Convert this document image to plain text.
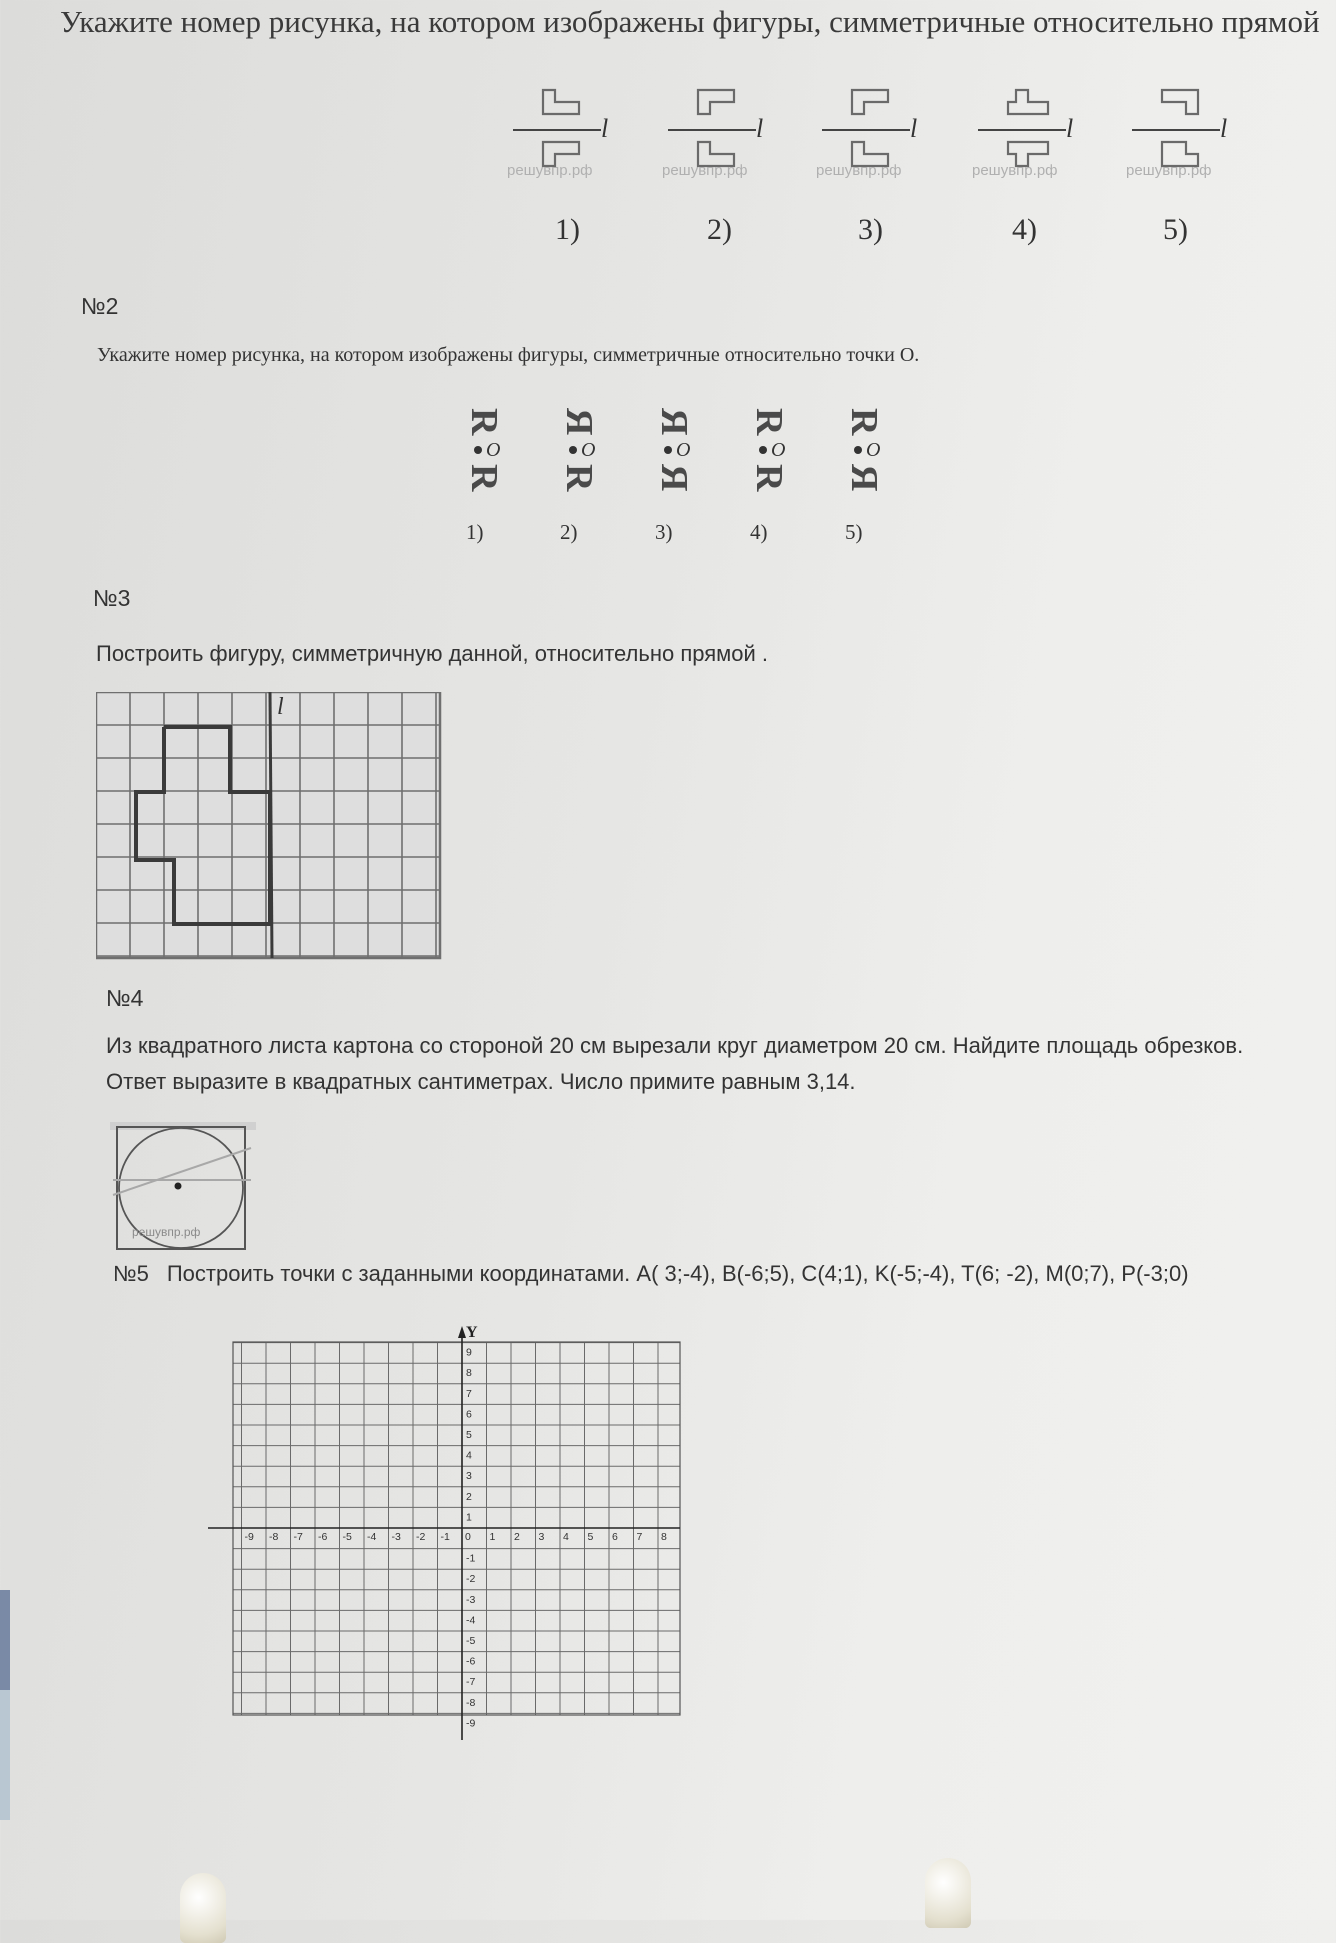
Укажите номер рисунка, на котором изображены фигуры, симметричные относительно прямой
l
решувпр.рф
l
решувпр.рф
l
решувпр.рф
l
решувпр.рф
l
решувпр.рф
1)	2)	3)	4)	5)
№2
Укажите номер рисунка, на котором изображены фигуры, симметричные относительно точки O.
R
O
R
Я
O
R
Я
O
Я
R
O
R
R
O
Я
1)	2)	3)	4)	5)
№3
Построить фигуру, симметричную данной, относительно прямой .
l
№4
Из квадратного листа картона со стороной 20 см вырезали круг диаметром 20 см. Найдите площадь обрезков. Ответ выразите в квадратных сантиметрах. Число примите равным 3,14.
решувпр.рф
№5 Построить точки с заданными координатами. A( 3;-4), B(-6;5), C(4;1), K(-5;-4), T(6; -2), M(0;7), P(-3;0)
-9 -8 -7 -6 -5 -4 -3 -2 -1 0 1 2 3 4 5 6 7 8
9
8
7
6
5
4
3
2
1
-1
-2
-3
-4
-5
-6
-7
-8
-9
Y
